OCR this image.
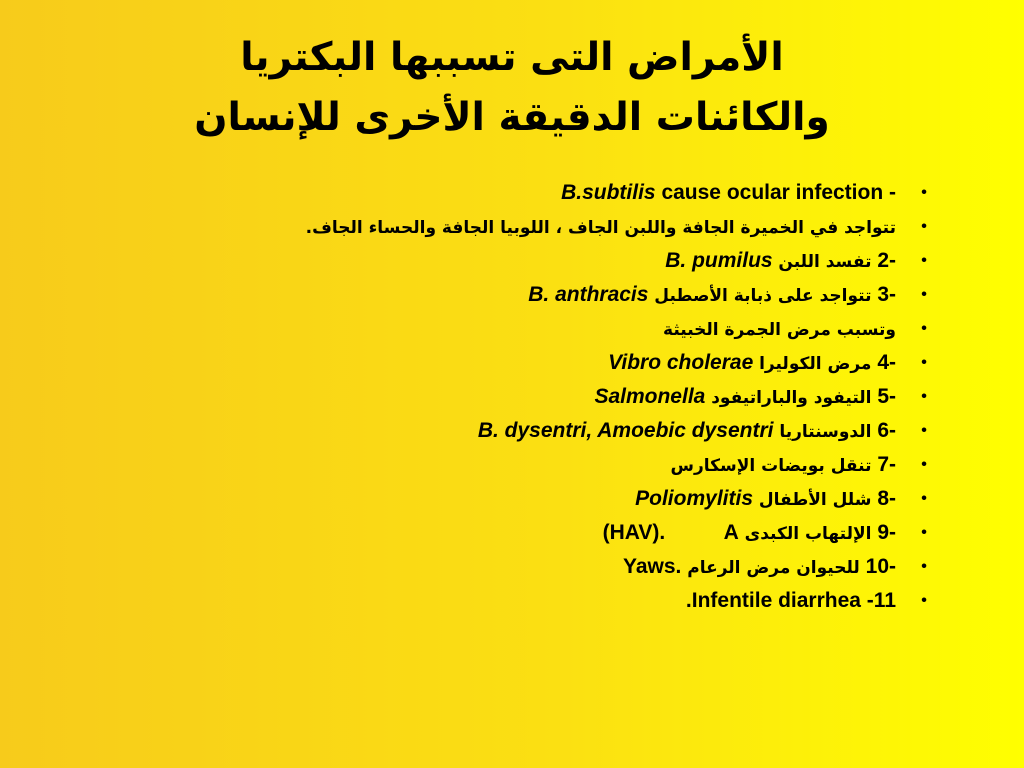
الأمراض التى تسببها البكتريا
والكائنات الدقيقة الأخرى للإنسان
•
B.subtilis cause ocular infection -
•
تتواجد في الخميرة الجافة واللبن الجاف ، اللوبيا الجافة والحساء الجاف.
•
2- تفسد اللبن B. pumilus
•
3- تتواجد على ذبابة الأصطبل B. anthracis
•
وتسبب مرض الجمرة الخبيثة
•
4- مرض الكوليرا Vibro cholerae
•
5- التيفود والباراتيفود Salmonella
•
6- الدوسنتاريا B. dysentri, Amoebic dysentri
•
7- تنقل بويضات الإسكارس
•
8- شلل الأطفال Poliomylitis
•
9- الإلتهاب الكبدى A          (HAV).
•
10- للحيوان مرض الرعام Yaws.
•
.Infentile diarrhea -11
